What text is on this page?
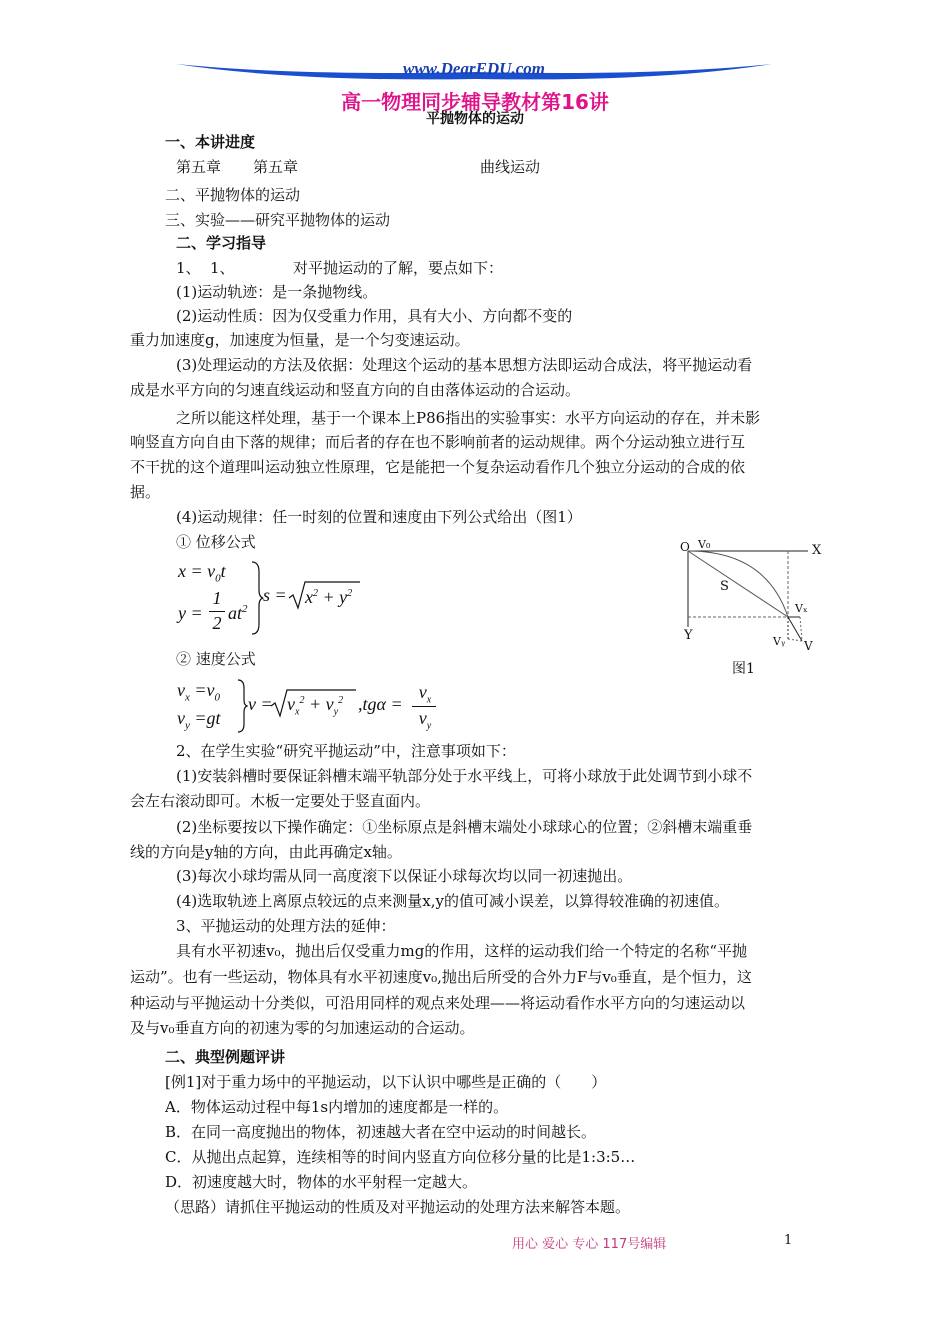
www.DearEDU.com
高一物理同步辅导教材第16讲
平抛物体的运动
一、本讲进度
第五章 第五章	曲线运动
二、平抛物体的运动
三、实验——研究平抛物体的运动
二、学习指导
1、 1、	对平抛运动的了解，要点如下：
(1)运动轨迹：是一条抛物线。
(2)运动性质：因为仅受重力作用，具有大小、方向都不变的
重力加速度g，加速度为恒量，是一个匀变速运动。
(3)处理运动的方法及依据：处理这个运动的基本思想方法即运动合成法，将平抛运动看
成是水平方向的匀速直线运动和竖直方向的自由落体运动的合运动。
之所以能这样处理，基于一个课本上P86指出的实验事实：水平方向运动的存在，并未影
响竖直方向自由下落的规律；而后者的存在也不影响前者的运动规律。两个分运动独立进行互
不干扰的这个道理叫运动独立性原理，它是能把一个复杂运动看作几个独立分运动的合成的依
据。
(4)运动规律：任一时刻的位置和速度由下列公式给出（图1）
① 位移公式
$x = v_0t$
y =
1
2 $at^2$
$s = x^2 + y^2$
② 速度公式
$v_x =v_0$
$v_y =gt$
$v = v_x^2 + v_y^2$ ,tgα =
$v_x$
$v_y$
O V₀	X
S
Vₓ
Y	Vᵧ V
图1
2、在学生实验“研究平抛运动”中，注意事项如下：
(1)安装斜槽时要保证斜槽末端平轨部分处于水平线上，可将小球放于此处调节到小球不
会左右滚动即可。木板一定要处于竖直面内。
(2)坐标要按以下操作确定：①坐标原点是斜槽末端处小球球心的位置；②斜槽末端重垂
线的方向是y轴的方向，由此再确定x轴。
(3)每次小球均需从同一高度滚下以保证小球每次均以同一初速抛出。
(4)选取轨迹上离原点较远的点来测量x,y的值可减小误差，以算得较准确的初速值。
3、平抛运动的处理方法的延伸：
具有水平初速v₀，抛出后仅受重力mg的作用，这样的运动我们给一个特定的名称“平抛
运动”。也有一些运动，物体具有水平初速度v₀,抛出后所受的合外力F与v₀垂直，是个恒力，这
种运动与平抛运动十分类似，可沿用同样的观点来处理——将运动看作水平方向的匀速运动以
及与v₀垂直方向的初速为零的匀加速运动的合运动。
二、典型例题评讲
[例1]对于重力场中的平抛运动，以下认识中哪些是正确的（　　）
A．物体运动过程中每1s内增加的速度都是一样的。
B．在同一高度抛出的物体，初速越大者在空中运动的时间越长。
C．从抛出点起算，连续相等的时间内竖直方向位移分量的比是1:3:5…
D．初速度越大时，物体的水平射程一定越大。
（思路）请抓住平抛运动的性质及对平抛运动的处理方法来解答本题。
用心 爱心 专心 117号编辑	1
